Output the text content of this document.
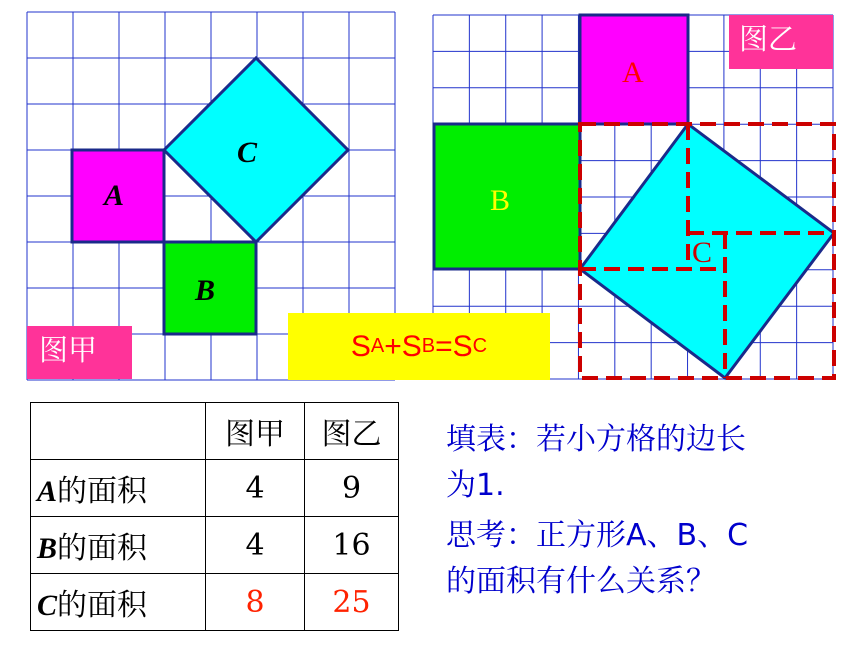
A
B
C
A
B
C
图甲
图乙
S A + S B = S C
	图甲	图乙
A的面积	4	9
B的面积	4	16
C的面积	8	25
填表：若小方格的边长
为1.
思考：正方形A、B、C
的面积有什么关系？
